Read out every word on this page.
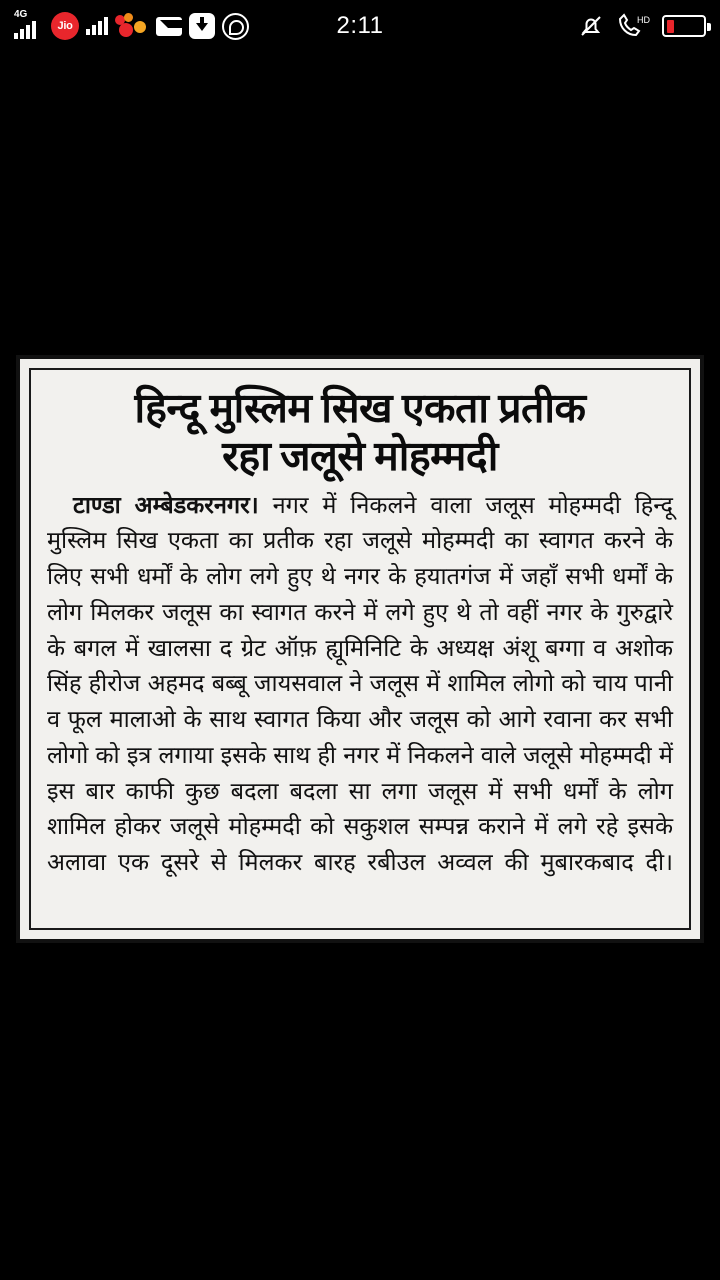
4G
Jio	2:11	HD
हिन्दू मुस्लिम सिख एकता प्रतीक
रहा जलूसे मोहम्मदी
टाण्डा अम्बेडकरनगर। नगर में निकलने वाला जलूस मोहम्मदी हिन्दू मुस्लिम सिख एकता का प्रतीक रहा जलूसे मोहम्मदी का स्वागत करने के लिए सभी धर्मों के लोग लगे हुए थे नगर के हयातगंज में जहाँ सभी धर्मों के लोग मिलकर जलूस का स्वागत करने में लगे हुए थे तो वहीं नगर के गुरुद्वारे के बगल में खालसा द ग्रेट ऑफ़ ह्यूमिनिटि के अध्यक्ष अंशू बग्गा व अशोक सिंह हीरोज अहमद बब्बू जायसवाल ने जलूस में शामिल लोगो को चाय पानी व फूल मालाओ के साथ स्वागत किया और जलूस को आगे रवाना कर सभी लोगो को इत्र लगाया इसके साथ ही नगर में निकलने वाले जलूसे मोहम्मदी में इस बार काफी कुछ बदला बदला सा लगा जलूस में सभी धर्मों के लोग शामिल होकर जलूसे मोहम्मदी को सकुशल सम्पन्न कराने में लगे रहे इसके अलावा एक दूसरे से मिलकर बारह रबीउल अव्वल की मुबारकबाद दी।
